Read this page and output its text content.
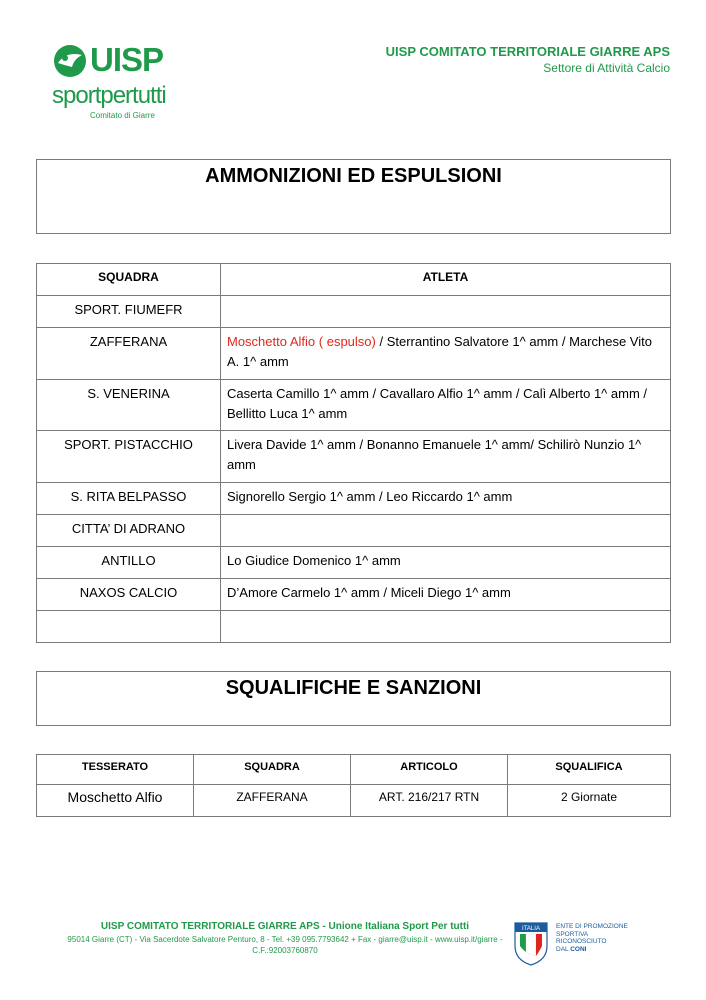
UISP
sportpertutti
Comitato di Giarre
UISP COMITATO TERRITORIALE GIARRE APS
Settore di Attività Calcio
AMMONIZIONI ED ESPULSIONI
SQUADRA	ATLETA
SPORT. FIUMEFR	
ZAFFERANA	Moschetto Alfio ( espulso) / Sterrantino Salvatore 1^ amm / Marchese Vito A. 1^ amm
S. VENERINA	Caserta Camillo 1^ amm / Cavallaro Alfio 1^ amm / Calì Alberto 1^ amm / Bellitto Luca 1^ amm
SPORT. PISTACCHIO	Livera Davide 1^ amm / Bonanno Emanuele 1^ amm/ Schilirò Nunzio 1^ amm
S. RITA BELPASSO	Signorello Sergio 1^ amm / Leo Riccardo 1^ amm
CITTA’ DI ADRANO	
ANTILLO	Lo Giudice Domenico 1^ amm
NAXOS CALCIO	D’Amore Carmelo 1^ amm / Miceli Diego 1^ amm

SQUALIFICHE E SANZIONI
TESSERATO	SQUADRA	ARTICOLO	SQUALIFICA
Moschetto Alfio	ZAFFERANA	ART. 216/217 RTN	2 Giornate
UISP COMITATO TERRITORIALE GIARRE APS - Unione Italiana Sport Per tutti
95014 Giarre (CT) - Via Sacerdote Salvatore Penturo, 8 - Tel. +39 095.7793642 + Fax - giarre@uisp.it - www.uisp.it/giarre -
C.F.:92003760870
ITALIA ENTE DI PROMOZIONE
SPORTIVA
RICONOSCIUTO
DAL CONI
